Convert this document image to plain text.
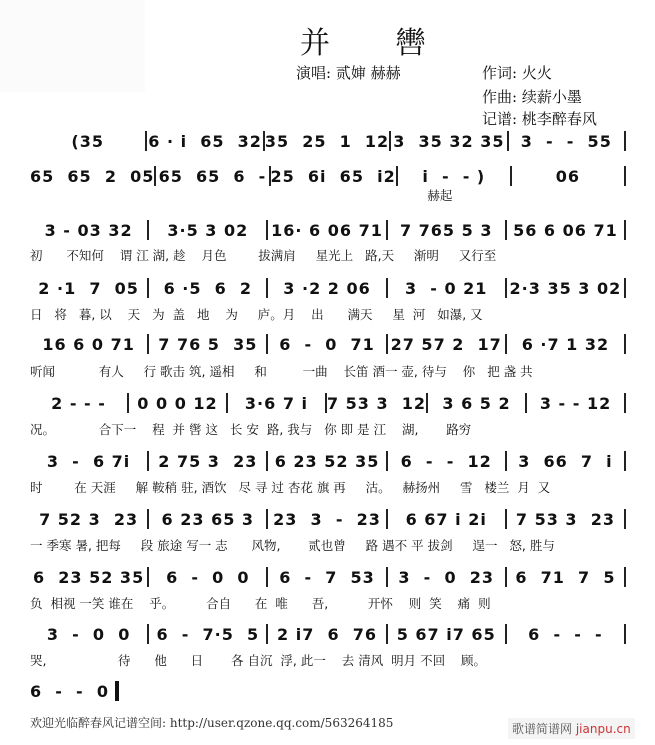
并 轡
演唱: 贰婶 赫赫	作词: 火火
作曲: 续薪小墨
记谱: 桃李醉春风
(35	6 · i  65  32 35  25  1  12 3  35 32 35	3  -  -  55
65  65  2  05 65  65  6  - 25  6i  65  i2	i  -  - )	06
赫起
3 - 03 32	3·5 3 02	16· 6 06 71	7 765 5 3	56 6 06 71
初      不知何    谓 江 湖, 趁    月色        拔满肩     星光上   路,天     渐明     又行至
2 ·1  7  05	6 ·5  6  2	3 ·2 2 06	3  - 0 21	2·3 35 3 02
日   将   暮, 以    天   为  盖   地    为     庐。月    出      满天     星  河   如瀑, 又
16 6 0 71	7 76 5  35	6  -  0  71 27 57 2  17	6 ·7 1 32
听闻           有人     行 歌击 筑, 遥相     和         一曲    长笛 酒一 壶, 待与    你   把 盏 共
2 - - -	0 0 0 12	3·6 7 i	7 53 3  12	3 6 5 2	3 - - 12
况。           合下一    程  并 辔 这   长 安  路, 我与   你 即 是 江    湖,       路穷
3  -  6 7i	2 75 3  23	6 23 52 35	6  -  -  12	3  66  7  i
时        在 天涯     解 鞍稍 驻, 酒饮   尽 寻 过 杏花 旗 再     沽。   赫扬州     雪   楼兰  月  又
7 52 3  23	6 23 65 3	23  3  -  23	6 67 i 2i	7 53 3  23
一 季寒 暑, 把每     段 旅途 写一 志      风物,       贰也曾     路 遇不 平 拔剑     逞一   怒, 胜与
6  23 52 35	6  -  0  0	6  -  7  53	3  -  0  23	6  71  7  5
负  相视 一笑 谁在    乎。        合自      在  唯      吾,          开怀    则  笑    痛  则
3  -  0  0	6  -  7·5  5	2 i7  6  76	5 67 i7 65	6  -  -  -
哭,                  待      他      日       各 自沉  浮, 此一    去 清风  明月 不回    顾。
6  -  -  0
欢迎光临醉春风记谱空间: http://user.qzone.qq.com/563264185	歌谱简谱网 jianpu.cn
